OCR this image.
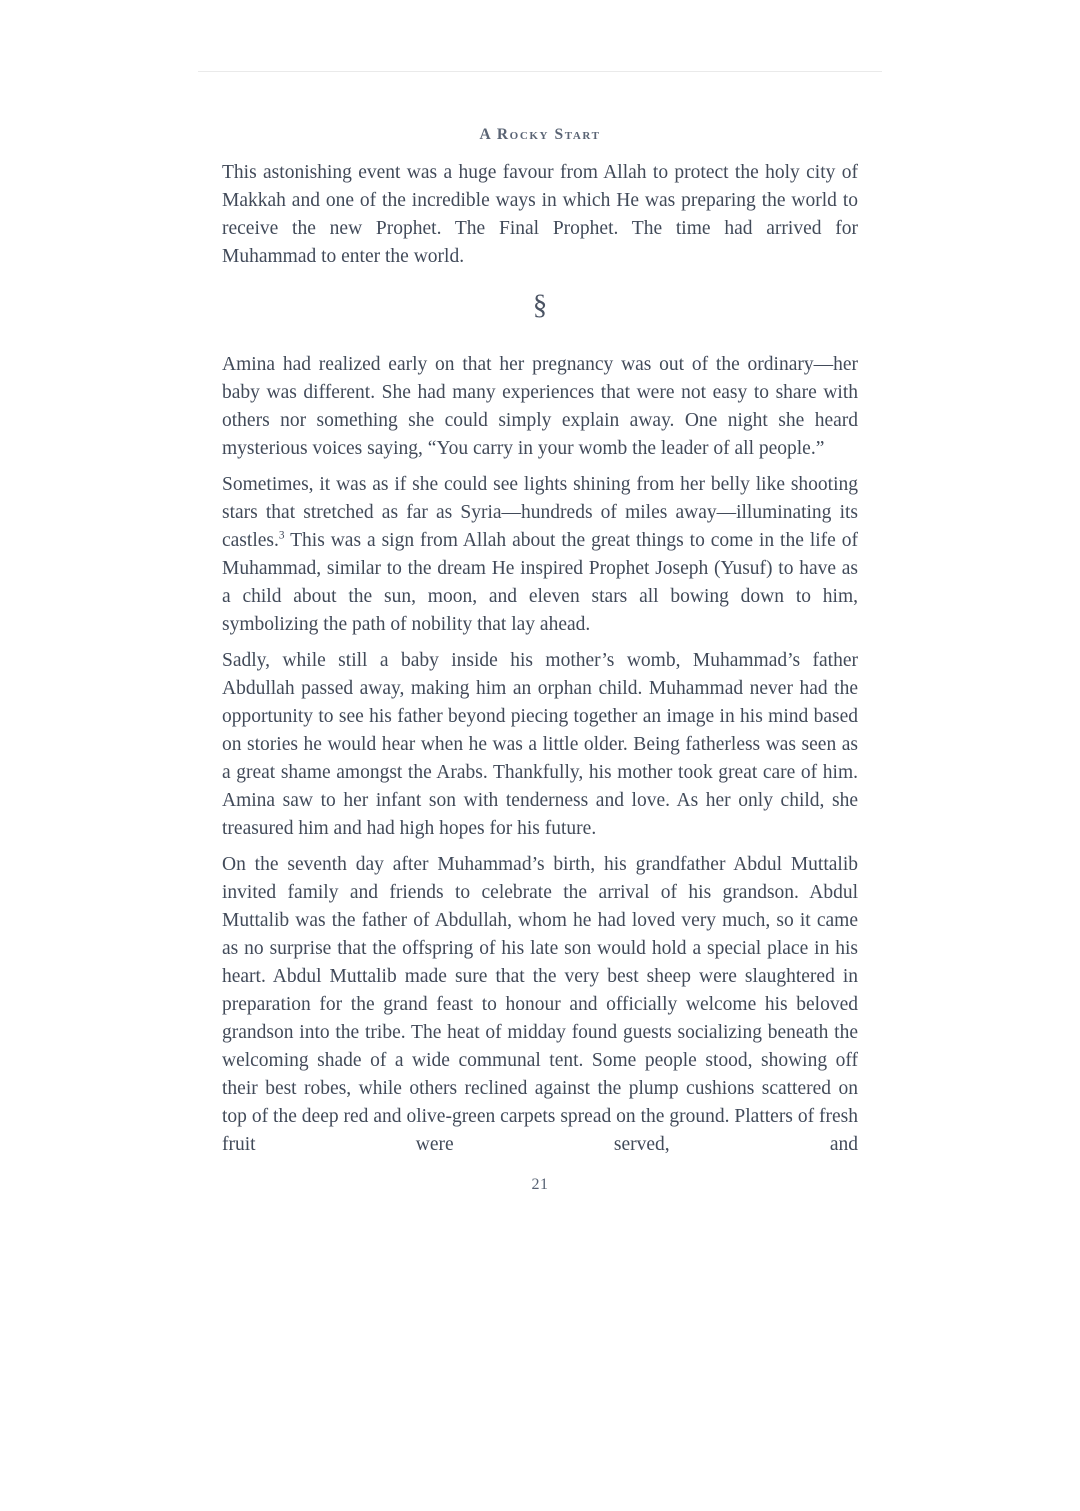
A Rocky Start

This astonishing event was a huge favour from Allah to protect the holy city of Makkah and one of the incredible ways in which He was preparing the world to receive the new Prophet. The Final Prophet. The time had arrived for Muhammad to enter the world.

§

Amina had realized early on that her pregnancy was out of the ordinary—her baby was different. She had many experiences that were not easy to share with others nor something she could simply explain away. One night she heard mysterious voices saying, “You carry in your womb the leader of all people.”

Sometimes, it was as if she could see lights shining from her belly like shooting stars that stretched as far as Syria—hundreds of miles away—illuminating its castles.$^3$ This was a sign from Allah about the great things to come in the life of Muhammad, similar to the dream He inspired Prophet Joseph (Yusuf) to have as a child about the sun, moon, and eleven stars all bowing down to him, symbolizing the path of nobility that lay ahead.

Sadly, while still a baby inside his mother’s womb, Muhammad’s father Abdullah passed away, making him an orphan child. Muhammad never had the opportunity to see his father beyond piecing together an image in his mind based on stories he would hear when he was a little older. Being fatherless was seen as a great shame amongst the Arabs. Thankfully, his mother took great care of him. Amina saw to her infant son with tenderness and love. As her only child, she treasured him and had high hopes for his future.

On the seventh day after Muhammad’s birth, his grandfather Abdul Muttalib invited family and friends to celebrate the arrival of his grandson. Abdul Muttalib was the father of Abdullah, whom he had loved very much, so it came as no surprise that the offspring of his late son would hold a special place in his heart. Abdul Muttalib made sure that the very best sheep were slaughtered in preparation for the grand feast to honour and officially welcome his beloved grandson into the tribe. The heat of midday found guests socializing beneath the welcoming shade of a wide communal tent. Some people stood, showing off their best robes, while others reclined against the plump cushions scattered on top of the deep red and olive-green carpets spread on the ground. Platters of fresh fruit were served, and

21
